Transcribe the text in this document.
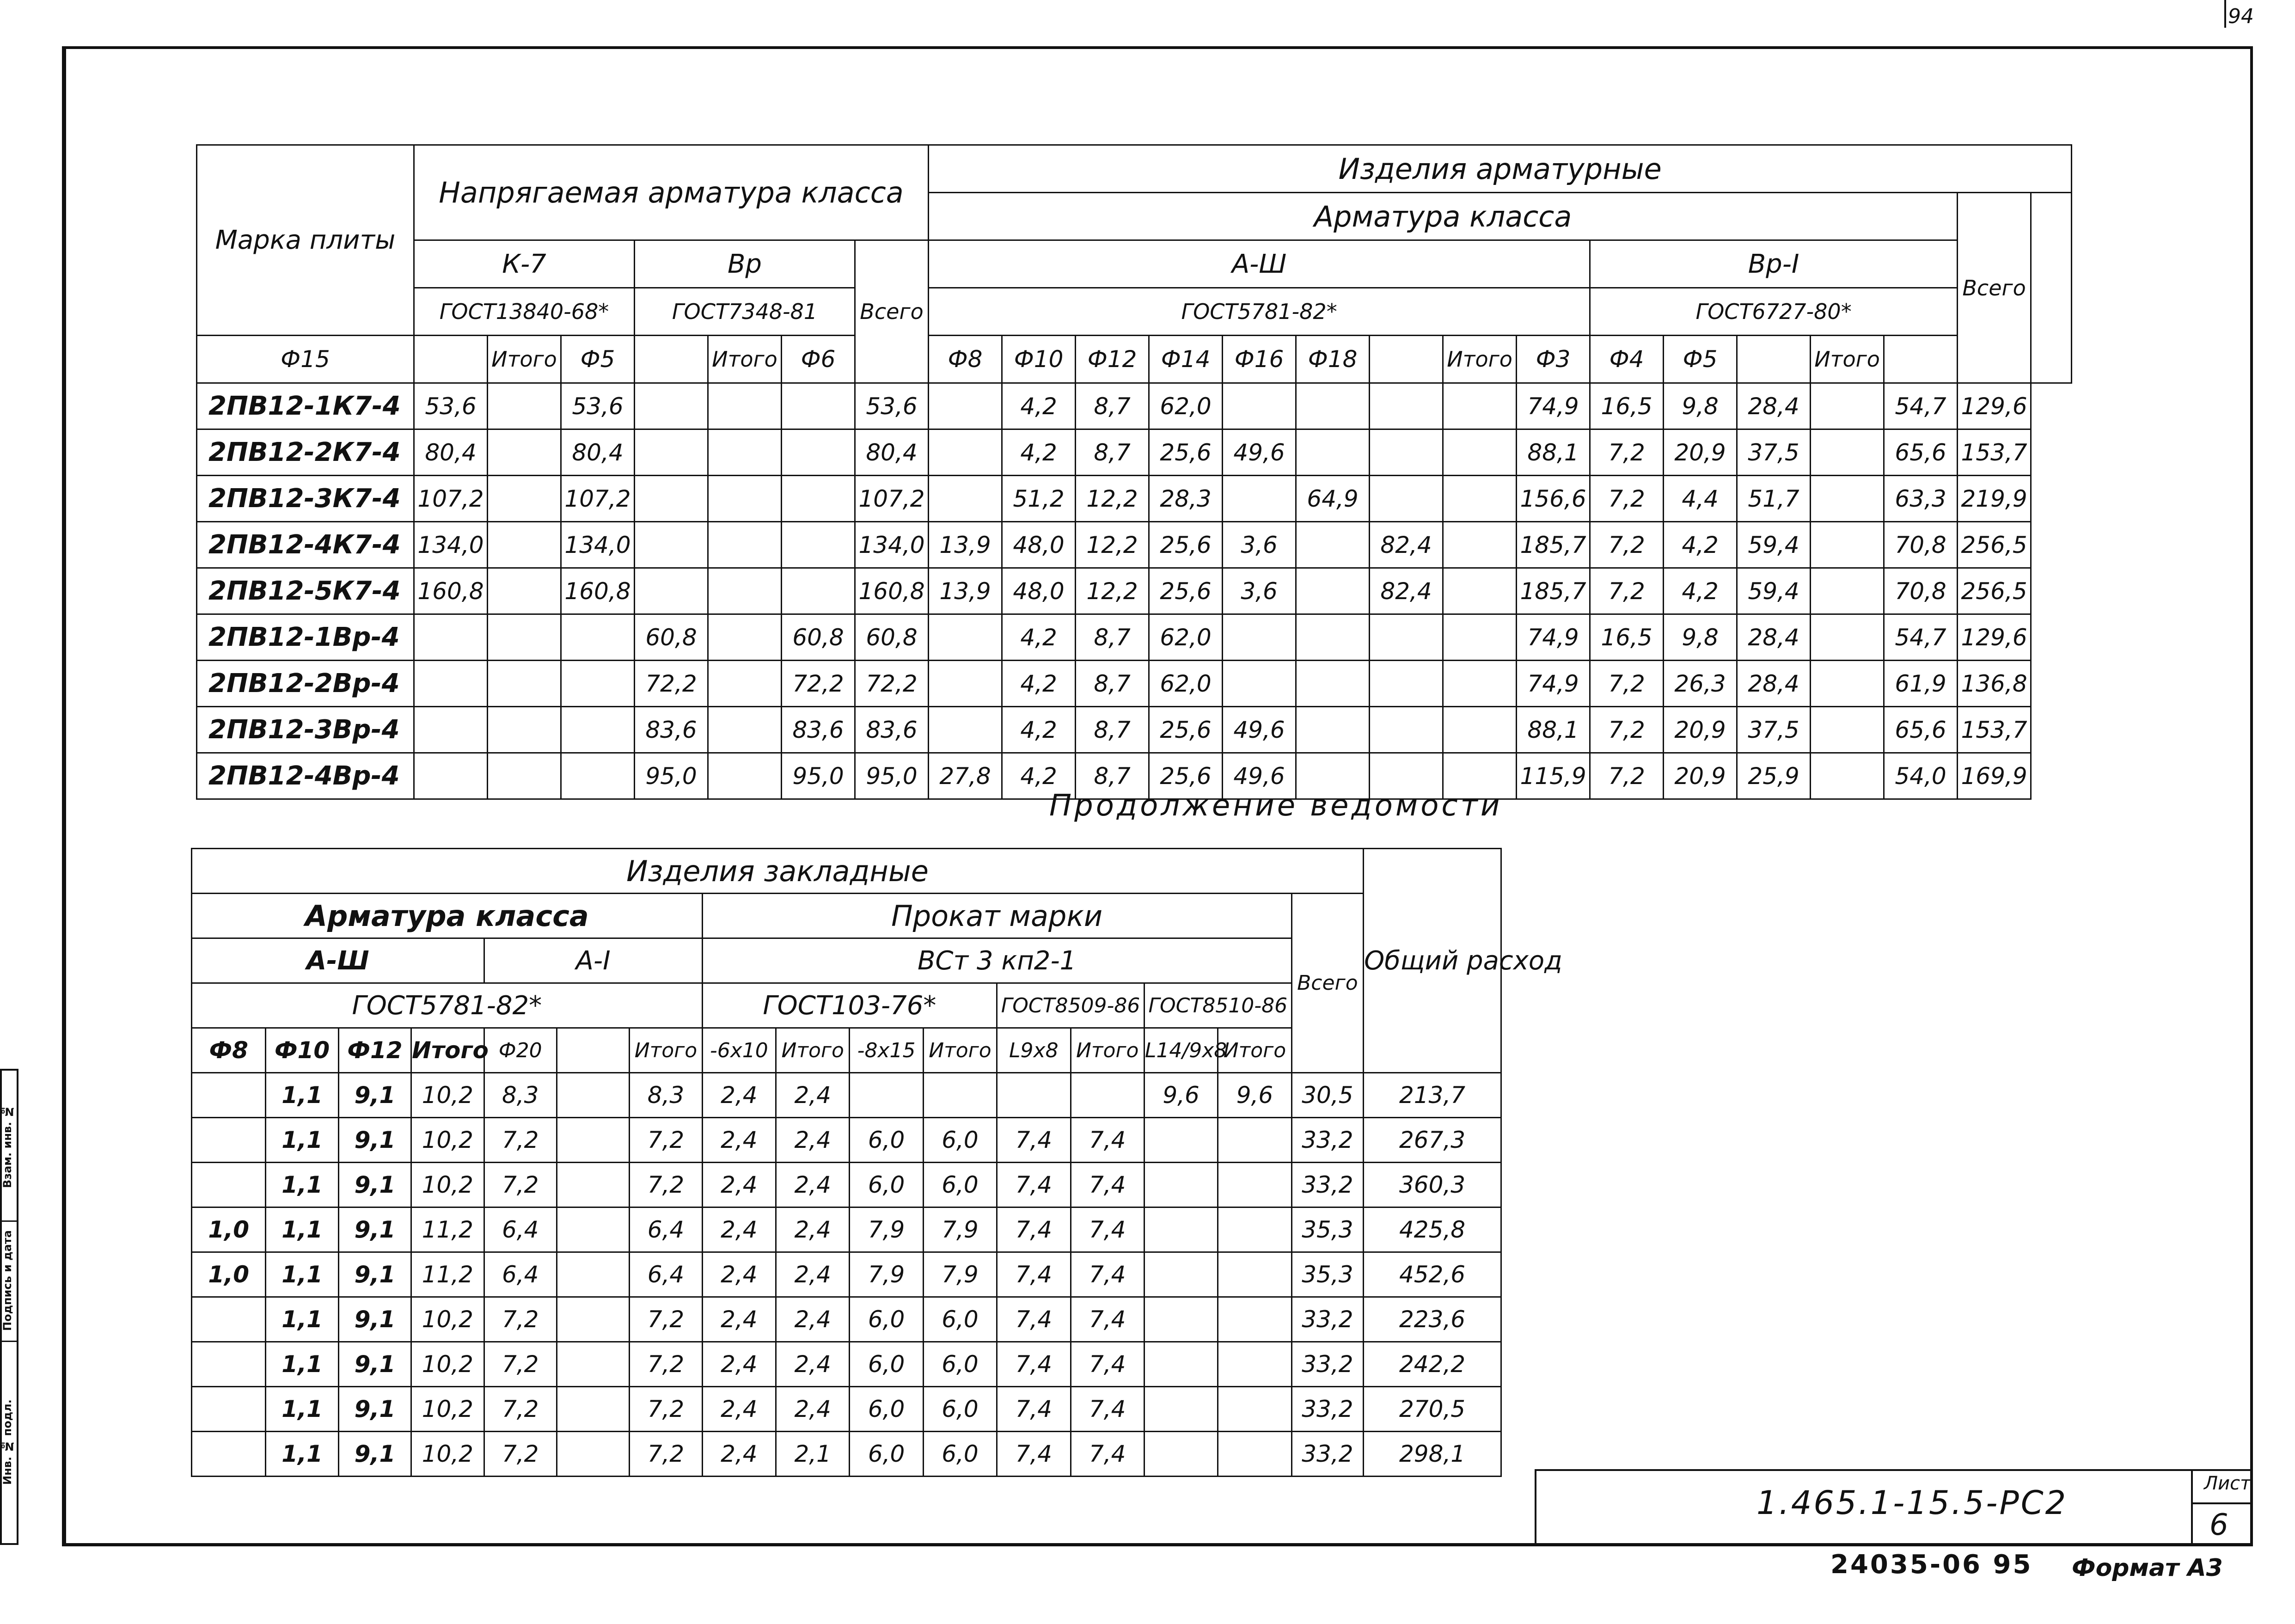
94
Марка плиты	Напрягаемая арматура класса							Изделия арматурные															
								Арматура класса														Вcего	
	К-7			Вр			Всего	А-Ш									Вр-I						
	ГОСТ13840-68*			ГОСТ7348-81				ГОСТ5781-82*									ГОСТ6727-80*						
Ф15		Итого	Ф5		Итого	Ф6		Ф8	Ф10	Ф12	Ф14	Ф16	Ф18		Итого	Ф3	Ф4	Ф5		Итого			
2ПВ12-1К7-4	53,6		53,6				53,6		4,2	8,7	62,0					74,9	16,5	9,8	28,4		54,7	129,6	
2ПВ12-2К7-4	80,4		80,4				80,4		4,2	8,7	25,6	49,6				88,1	7,2	20,9	37,5		65,6	153,7	
2ПВ12-3К7-4	107,2		107,2				107,2		51,2	12,2	28,3		64,9			156,6	7,2	4,4	51,7		63,3	219,9	
2ПВ12-4К7-4	134,0		134,0				134,0	13,9	48,0	12,2	25,6	3,6		82,4		185,7	7,2	4,2	59,4		70,8	256,5	
2ПВ12-5К7-4	160,8		160,8				160,8	13,9	48,0	12,2	25,6	3,6		82,4		185,7	7,2	4,2	59,4		70,8	256,5	
2ПВ12-1Вр-4				60,8		60,8	60,8		4,2	8,7	62,0					74,9	16,5	9,8	28,4		54,7	129,6	
2ПВ12-2Вр-4				72,2		72,2	72,2		4,2	8,7	62,0					74,9	7,2	26,3	28,4		61,9	136,8	
2ПВ12-3Вр-4				83,6		83,6	83,6		4,2	8,7	25,6	49,6				88,1	7,2	20,9	37,5		65,6	153,7	
2ПВ12-4Вр-4				95,0		95,0	95,0	27,8	4,2	8,7	25,6	49,6				115,9	7,2	20,9	25,9		54,0	169,9	
Продолжение ведомости
Изделия закладные																Общий расход
Арматура класса							Прокат марки								Всего	
А-Ш				А-I			ВСт 3 кп2-1									
ГОСТ5781-82*							ГОСТ103-76*				ГОСТ8509-86		ГОСТ8510-86			
Ф8	Ф10	Ф12	Итого	Ф20		Итого	-6х10	Итого	-8х15	Итого	L9х8	Итого	L14/9х8	Итого		
	1,1	9,1	10,2	8,3		8,3	2,4	2,4					9,6	9,6	30,5	213,7
	1,1	9,1	10,2	7,2		7,2	2,4	2,4	6,0	6,0	7,4	7,4			33,2	267,3
	1,1	9,1	10,2	7,2		7,2	2,4	2,4	6,0	6,0	7,4	7,4			33,2	360,3
1,0	1,1	9,1	11,2	6,4		6,4	2,4	2,4	7,9	7,9	7,4	7,4			35,3	425,8
1,0	1,1	9,1	11,2	6,4		6,4	2,4	2,4	7,9	7,9	7,4	7,4			35,3	452,6
	1,1	9,1	10,2	7,2		7,2	2,4	2,4	6,0	6,0	7,4	7,4			33,2	223,6
	1,1	9,1	10,2	7,2		7,2	2,4	2,4	6,0	6,0	7,4	7,4			33,2	242,2
	1,1	9,1	10,2	7,2		7,2	2,4	2,4	6,0	6,0	7,4	7,4			33,2	270,5
	1,1	9,1	10,2	7,2		7,2	2,4	2,1	6,0	6,0	7,4	7,4			33,2	298,1
1.465.1-15.5-РС2
Лист
6
24035-06 95 Формат А3
Взам. инв. №
Подпись и дата
Инв. № подл.
